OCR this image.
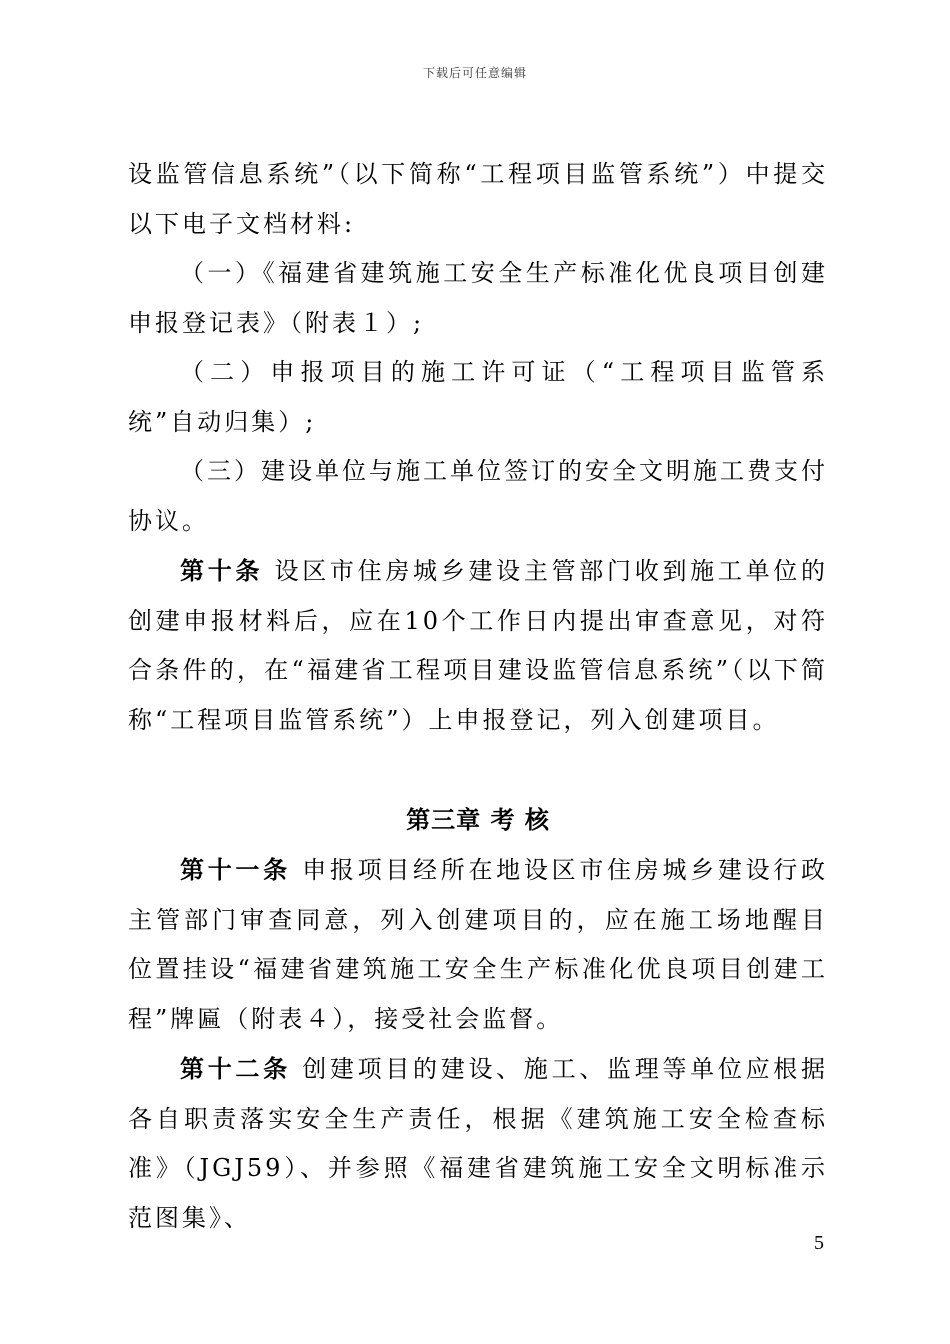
下载后可任意编辑

设监管信息系统”（以下简称“工程项目监管系统”）中提交以下电子文档材料:

（一）《福建省建筑施工安全生产标准化优良项目创建申报登记表》（附表１）;

（二）申报项目的施工许可证（“工程项目监管系统”自动归集）;

（三）建设单位与施工单位签订的安全文明施工费支付协议。

第十条 设区市住房城乡建设主管部门收到施工单位的创建申报材料后，应在10个工作日内提出审查意见，对符合条件的，在“福建省工程项目建设监管信息系统”（以下简称“工程项目监管系统”）上申报登记，列入创建项目。

第三章 考 核

第十一条 申报项目经所在地设区市住房城乡建设行政主管部门审查同意，列入创建项目的，应在施工场地醒目位置挂设“福建省建筑施工安全生产标准化优良项目创建工程”牌匾（附表４），接受社会监督。

第十二条 创建项目的建设、施工、监理等单位应根据各自职责落实安全生产责任，根据《建筑施工安全检查标准》（JGJ59）、并参照《福建省建筑施工安全文明标准示范图集》、

5
